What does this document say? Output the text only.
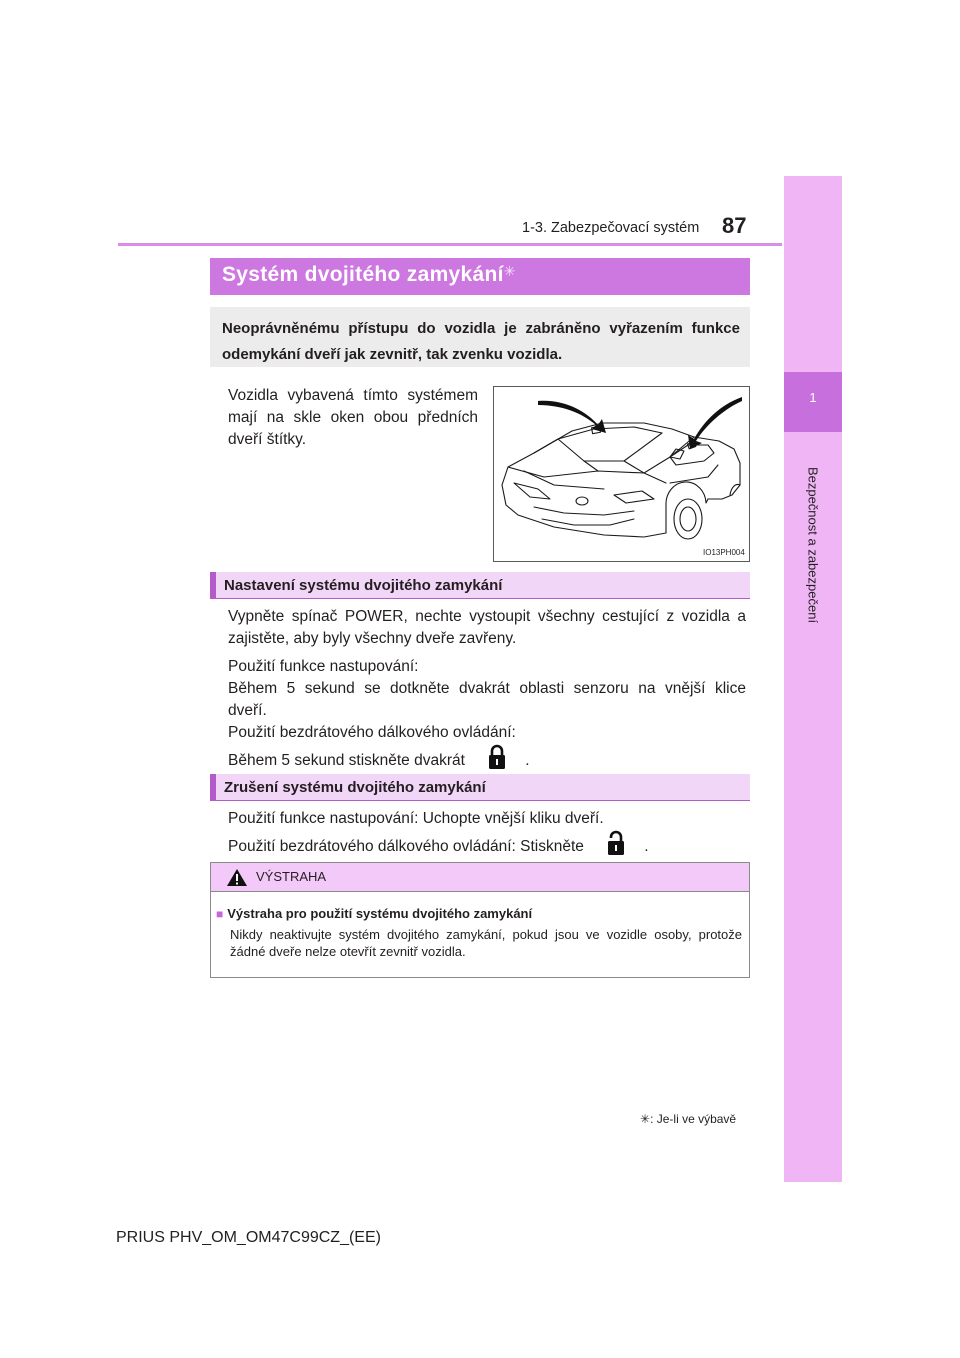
1-3. Zabezpečovací systém 87
1
Bezpečnost a zabezpečení
Systém dvojitého zamykání✳
Neoprávněnému přístupu do vozidla je zabráněno vyřazením funkce odemykání dveří jak zevnitř, tak zvenku vozidla.
Vozidla vybavená tímto systémem mají na skle oken obou předních dveří štítky.
IO13PH004
Nastavení systému dvojitého zamykání
Vypněte spínač POWER, nechte vystoupit všechny cestující z vozidla a zajistěte, aby byly všechny dveře zavřeny.
Použití funkce nastupování:
Během 5 sekund se dotkněte dvakrát oblasti senzoru na vnější klice
dveří.
Použití bezdrátového dálkového ovládání:
Během 5 sekund stiskněte dvakrát	.
Zrušení systému dvojitého zamykání
Použití funkce nastupování: Uchopte vnější kliku dveří.
Použití bezdrátového dálkového ovládání: Stiskněte	.
VÝSTRAHA
■ Výstraha pro použití systému dvojitého zamykání
Nikdy neaktivujte systém dvojitého zamykání, pokud jsou ve vozidle osoby, protože žádné dveře nelze otevřít zevnitř vozidla.
✳: Je-li ve výbavě
PRIUS PHV_OM_OM47C99CZ_(EE)
